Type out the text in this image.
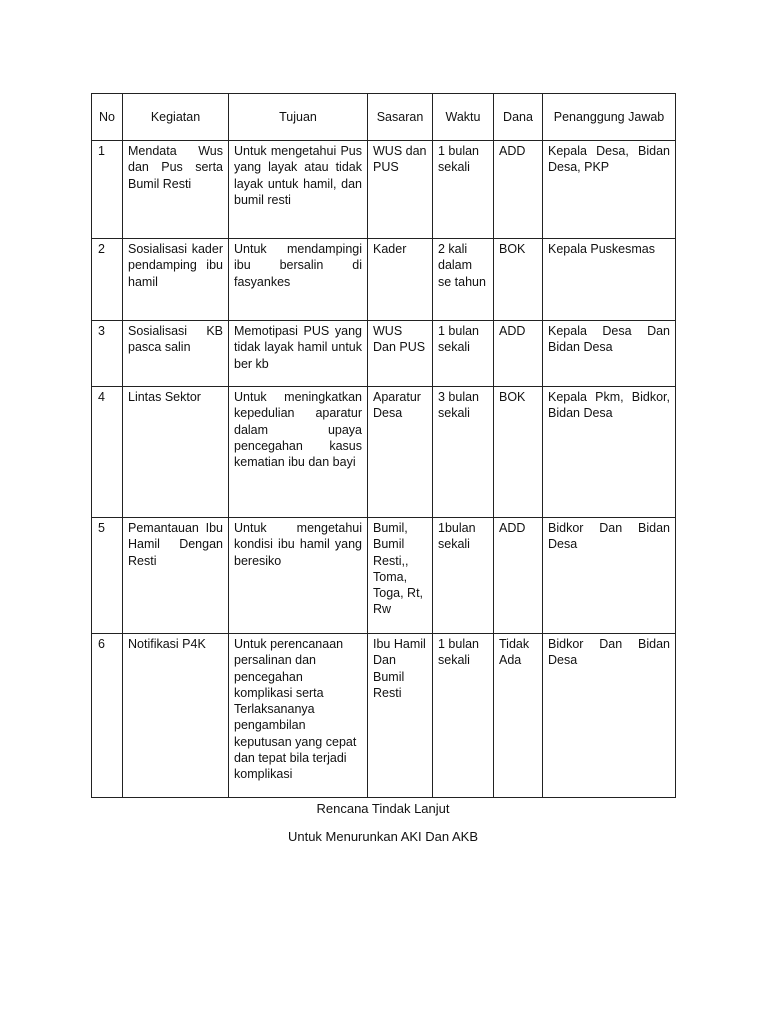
No	Kegiatan	Tujuan	Sasaran	Waktu	Dana	Penanggung Jawab
1	Mendata Wus dan Pus serta Bumil Resti	Untuk mengetahui Pus yang layak atau tidak layak untuk hamil, dan bumil resti	WUS dan PUS	1 bulan sekali	ADD	Kepala Desa, Bidan Desa, PKP
2	Sosialisasi kader pendamping ibu hamil	Untuk mendampingi ibu bersalin di fasyankes	Kader	2 kali dalam se tahun	BOK	Kepala Puskesmas
3	Sosialisasi KB pasca salin	Memotipasi PUS yang tidak layak hamil untuk ber kb	WUS Dan PUS	1 bulan sekali	ADD	Kepala Desa Dan Bidan Desa
4	Lintas Sektor	Untuk meningkatkan kepedulian aparatur dalam upaya pencegahan kasus kematian ibu dan bayi	Aparatur Desa	3 bulan sekali	BOK	Kepala Pkm, Bidkor, Bidan Desa
5	Pemantauan Ibu Hamil Dengan Resti	Untuk mengetahui kondisi ibu hamil yang beresiko	Bumil, Bumil Resti,, Toma, Toga, Rt, Rw	1bulan sekali	ADD	Bidkor Dan Bidan Desa
6	Notifikasi P4K	Untuk perencanaan persalinan dan pencegahan komplikasi serta Terlaksananya pengambilan keputusan yang cepat dan tepat bila terjadi komplikasi	Ibu Hamil Dan Bumil Resti	1 bulan sekali	Tidak Ada	Bidkor Dan Bidan Desa
Rencana Tindak Lanjut
Untuk Menurunkan AKI Dan AKB
